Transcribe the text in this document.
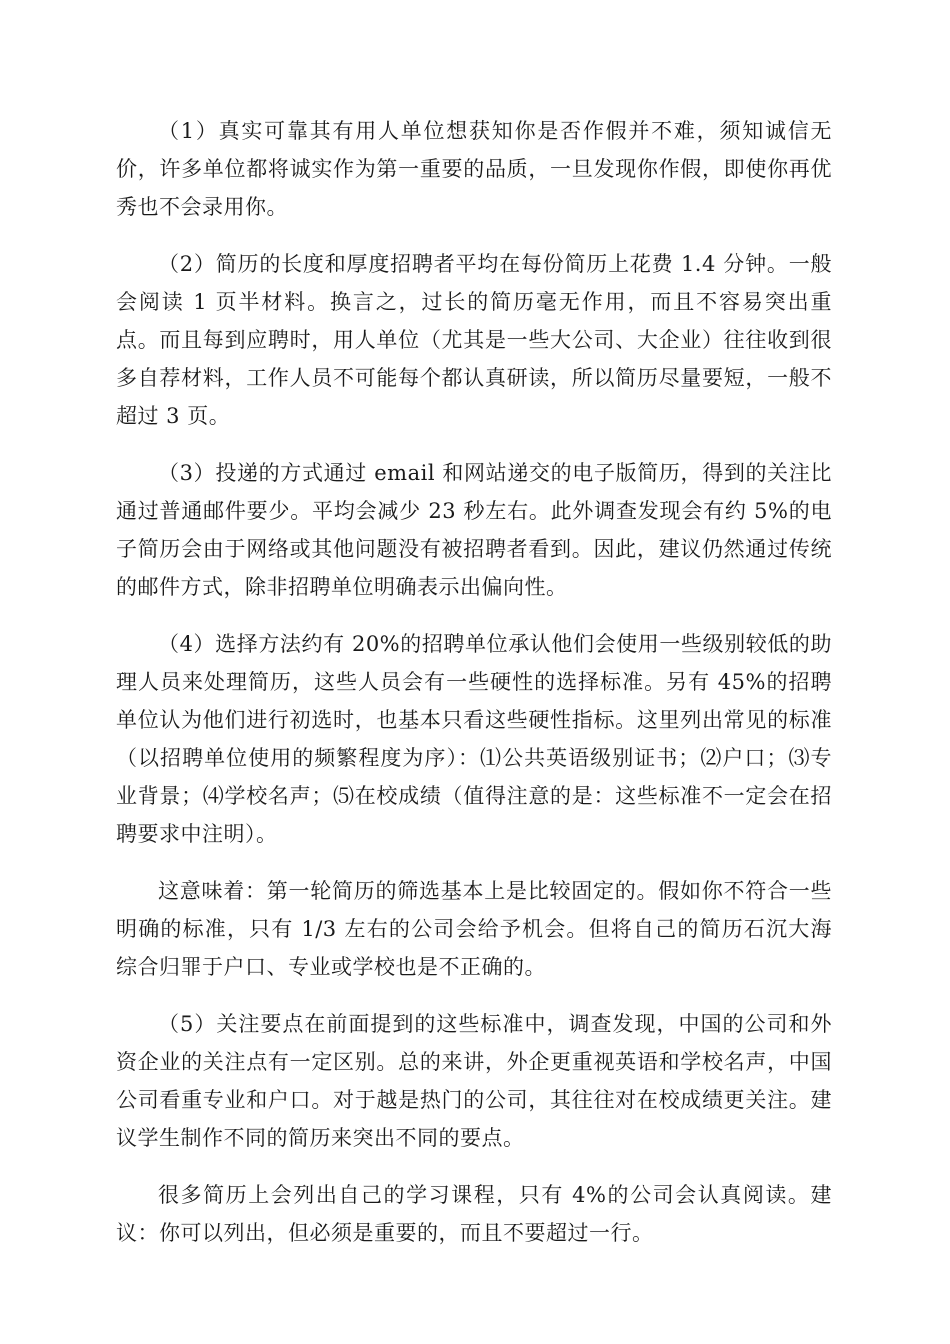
（1）真实可靠其有用人单位想获知你是否作假并不难，须知诚信无价，许多单位都将诚实作为第一重要的品质，一旦发现你作假，即使你再优秀也不会录用你。

（2）简历的长度和厚度招聘者平均在每份简历上花费 1.4 分钟。一般会阅读 1 页半材料。换言之，过长的简历毫无作用，而且不容易突出重点。而且每到应聘时，用人单位（尤其是一些大公司、大企业）往往收到很多自荐材料，工作人员不可能每个都认真研读，所以简历尽量要短，一般不超过 3 页。

（3）投递的方式通过 email 和网站递交的电子版简历，得到的关注比通过普通邮件要少。平均会减少 23 秒左右。此外调查发现会有约 5%的电子简历会由于网络或其他问题没有被招聘者看到。因此，建议仍然通过传统的邮件方式，除非招聘单位明确表示出偏向性。

（4）选择方法约有 20%的招聘单位承认他们会使用一些级别较低的助理人员来处理简历，这些人员会有一些硬性的选择标准。另有 45%的招聘单位认为他们进行初选时，也基本只看这些硬性指标。这里列出常见的标准（以招聘单位使用的频繁程度为序）：⑴公共英语级别证书；⑵户口；⑶专业背景；⑷学校名声；⑸在校成绩（值得注意的是：这些标准不一定会在招聘要求中注明）。

这意味着：第一轮简历的筛选基本上是比较固定的。假如你不符合一些明确的标准，只有 1/3 左右的公司会给予机会。但将自己的简历石沉大海综合归罪于户口、专业或学校也是不正确的。

（5）关注要点在前面提到的这些标准中，调查发现，中国的公司和外资企业的关注点有一定区别。总的来讲，外企更重视英语和学校名声，中国公司看重专业和户口。对于越是热门的公司，其往往对在校成绩更关注。建议学生制作不同的简历来突出不同的要点。

很多简历上会列出自己的学习课程，只有 4%的公司会认真阅读。建议：你可以列出，但必须是重要的，而且不要超过一行。
